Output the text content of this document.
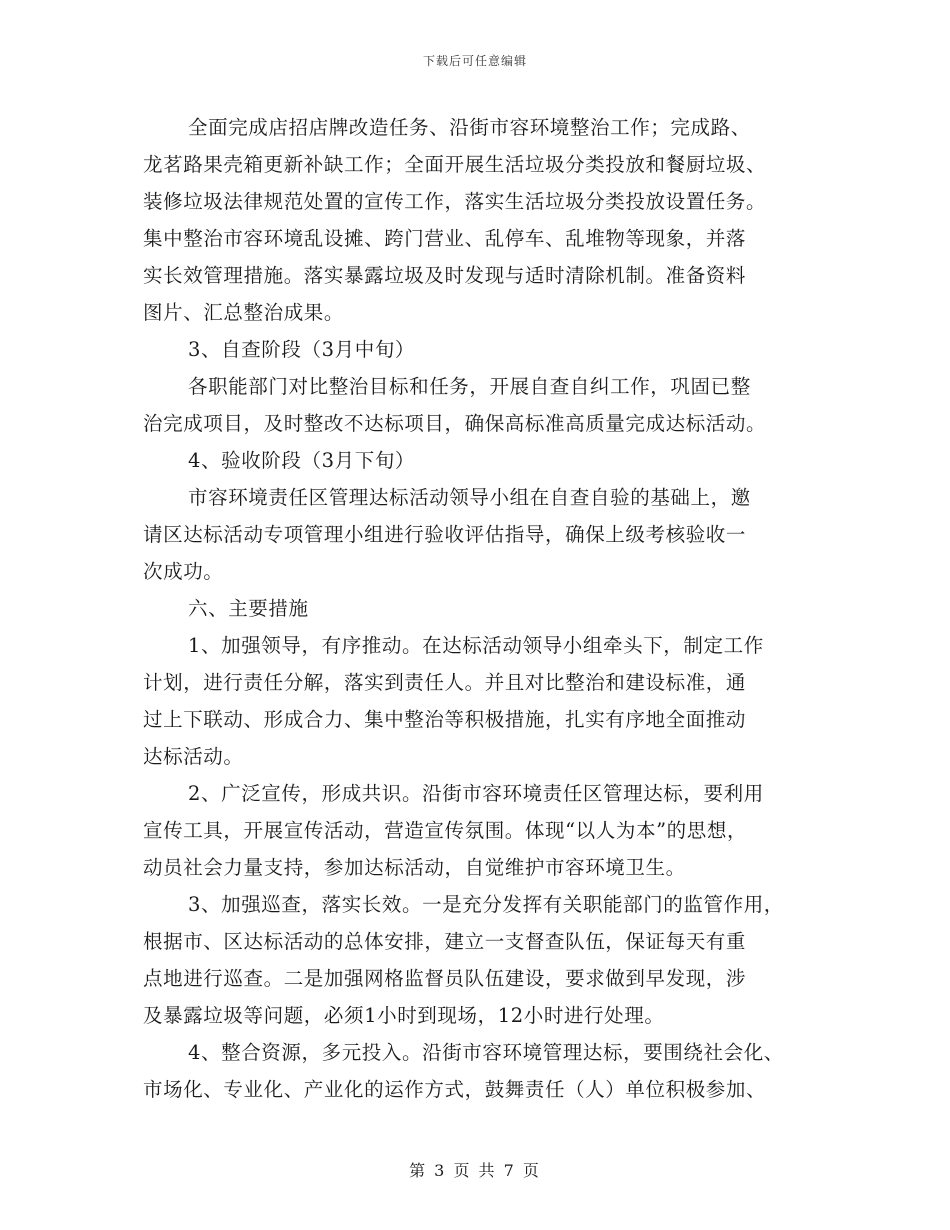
下载后可任意编辑
全面完成店招店牌改造任务、沿街市容环境整治工作；完成路、
龙茗路果壳箱更新补缺工作；全面开展生活垃圾分类投放和餐厨垃圾、
装修垃圾法律规范处置的宣传工作，落实生活垃圾分类投放设置任务。
集中整治市容环境乱设摊、跨门营业、乱停车、乱堆物等现象，并落
实长效管理措施。落实暴露垃圾及时发现与适时清除机制。准备资料
图片、汇总整治成果。
3、自查阶段（3月中旬）
各职能部门对比整治目标和任务，开展自查自纠工作，巩固已整
治完成项目，及时整改不达标项目，确保高标准高质量完成达标活动。
4、验收阶段（3月下旬）
市容环境责任区管理达标活动领导小组在自查自验的基础上，邀
请区达标活动专项管理小组进行验收评估指导，确保上级考核验收一
次成功。
六、主要措施
1、加强领导，有序推动。在达标活动领导小组牵头下，制定工作
计划，进行责任分解，落实到责任人。并且对比整治和建设标准，通
过上下联动、形成合力、集中整治等积极措施，扎实有序地全面推动
达标活动。
2、广泛宣传，形成共识。沿街市容环境责任区管理达标，要利用
宣传工具，开展宣传活动，营造宣传氛围。体现“以人为本”的思想，
动员社会力量支持，参加达标活动，自觉维护市容环境卫生。
3、加强巡查，落实长效。一是充分发挥有关职能部门的监管作用，
根据市、区达标活动的总体安排，建立一支督查队伍，保证每天有重
点地进行巡查。二是加强网格监督员队伍建设，要求做到早发现，涉
及暴露垃圾等问题，必须1小时到现场，12小时进行处理。
4、整合资源，多元投入。沿街市容环境管理达标，要围绕社会化、
市场化、专业化、产业化的运作方式，鼓舞责任（人）单位积极参加、
第 3 页 共 7 页
